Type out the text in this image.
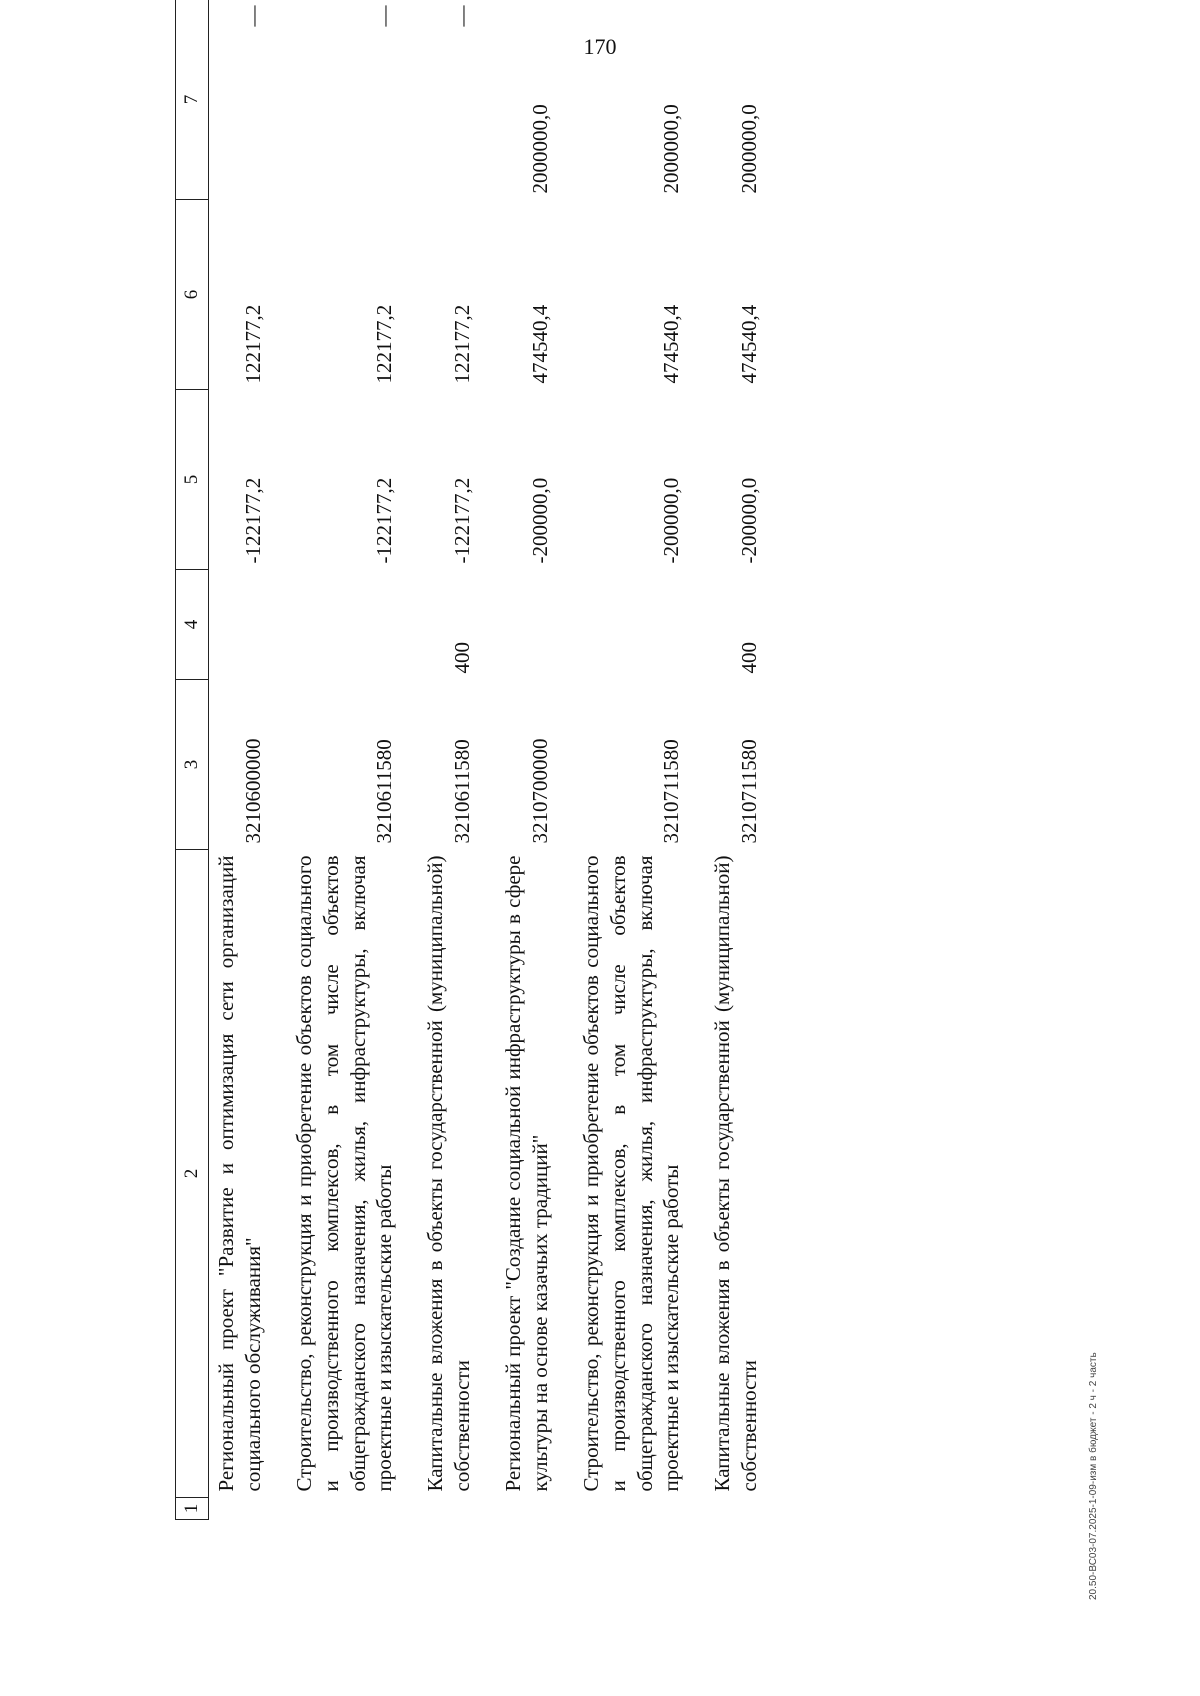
170
1	2	3	4	5	6	7
	Региональный проект "Развитие и оптимизация сети организаций социального обслуживания"	3210600000		-122177,2	122177,2	—
	Строительство, реконструкция и приобретение объектов социального и производственного комплексов, в том числе объектов общегражданского назначения, жилья, инфраструктуры, включая проектные и изыскательские работы	3210611580		-122177,2	122177,2	—
	Капитальные вложения в объекты государственной (муниципальной) собственности	3210611580	400	-122177,2	122177,2	—
	Региональный проект "Создание социальной инфраструктуры в сфере культуры на основе казачьих традиций"	3210700000		-200000,0	474540,4	2000000,0
	Строительство, реконструкция и приобретение объектов социального и производственного комплексов, в том числе объектов общегражданского назначения, жилья, инфраструктуры, включая проектные и изыскательские работы	3210711580		-200000,0	474540,4	2000000,0
	Капитальные вложения в объекты государственной (муниципальной) собственности	3210711580	400	-200000,0	474540,4	2000000,0
20.50-ВС03-07.2025-1-09-изм в бюджет - 2 ч - 2 часть
